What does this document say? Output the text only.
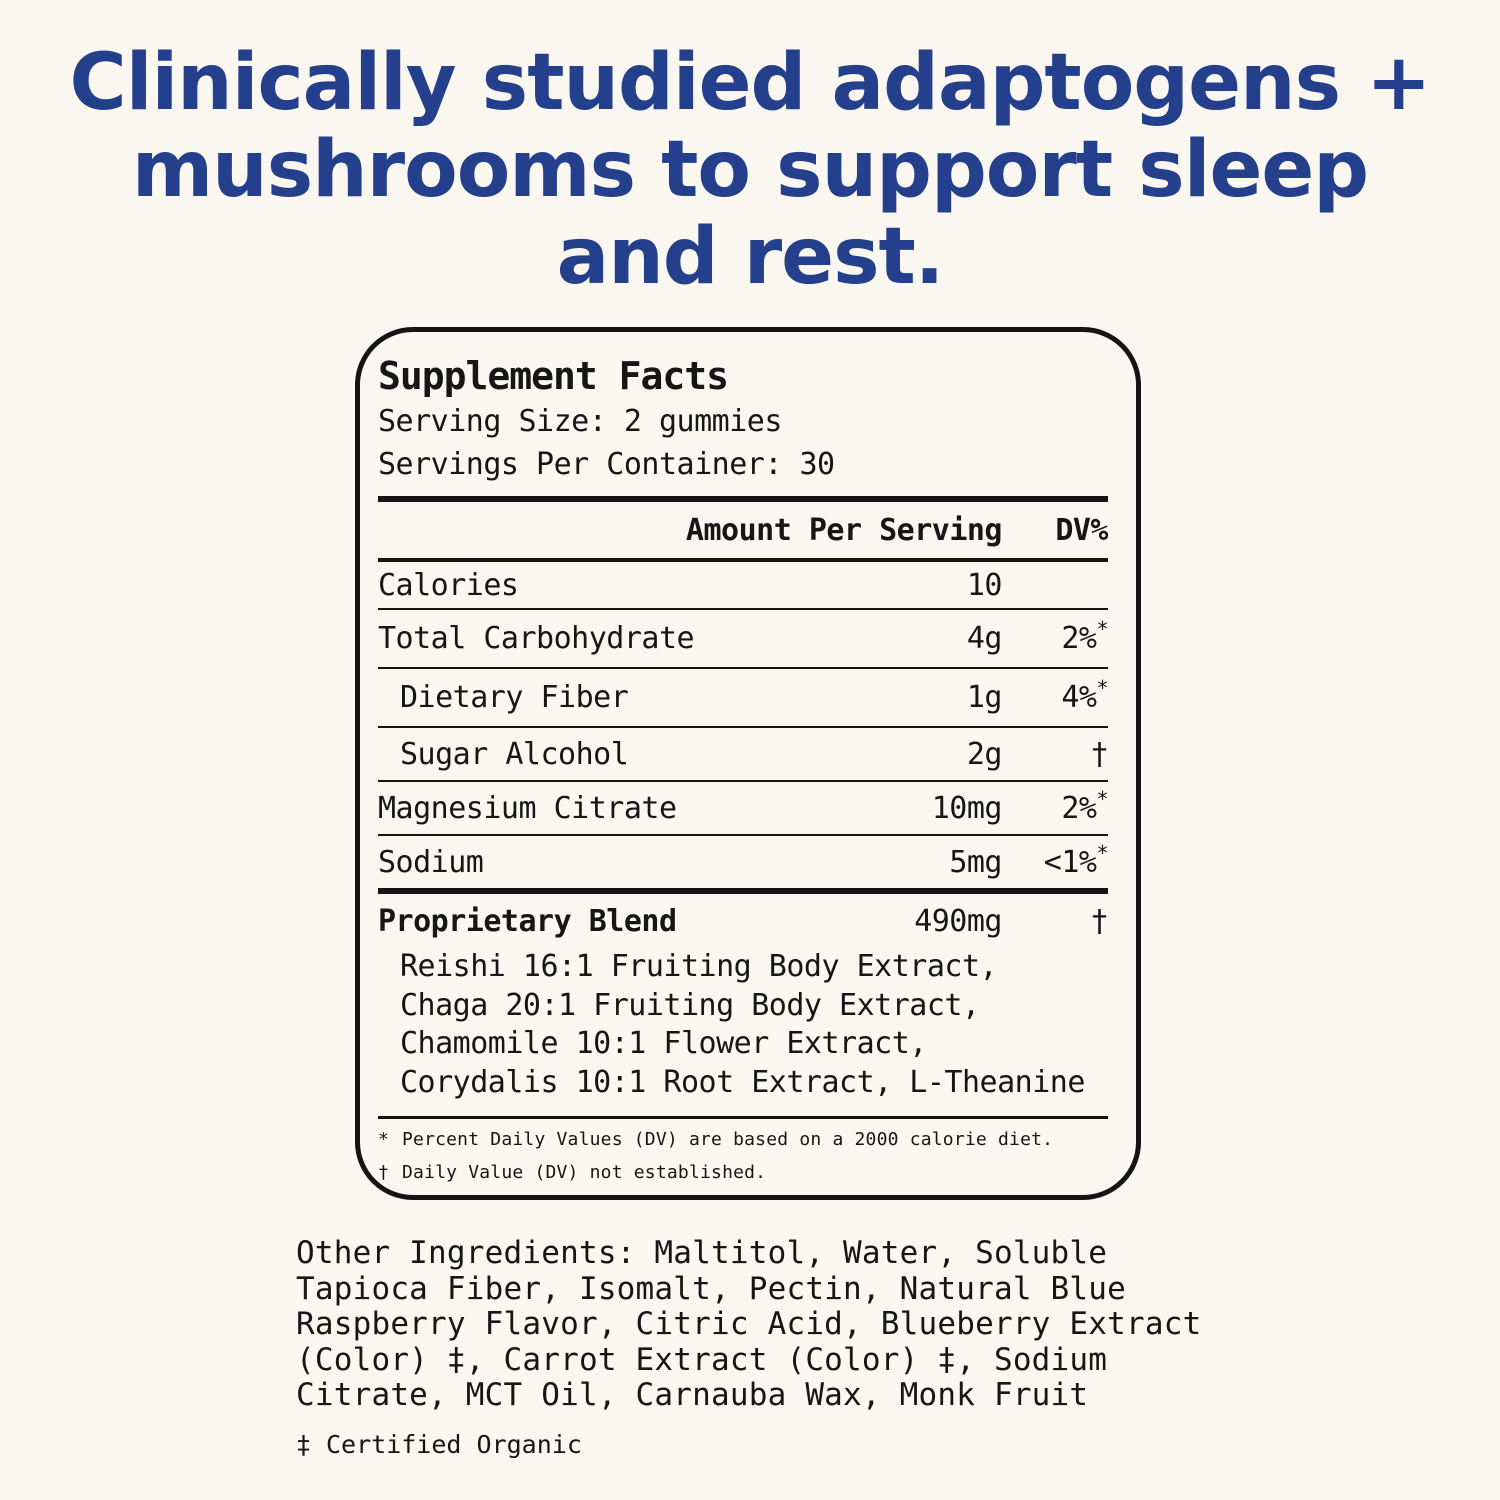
Clinically studied adaptogens +
mushrooms to support sleep
and rest.
Supplement Facts
Serving Size: 2 gummies
Servings Per Container: 30
Amount Per Serving	DV%
Calories	10
Total Carbohydrate	4g	2%*
Dietary Fiber	1g	4%*
Sugar Alcohol	2g	†
Magnesium Citrate	10mg	2%*
Sodium	5mg	<1%*
Proprietary Blend	490mg	†
Reishi 16:1 Fruiting Body Extract,
Chaga 20:1 Fruiting Body Extract,
Chamomile 10:1 Flower Extract,
Corydalis 10:1 Root Extract, L-Theanine
* Percent Daily Values (DV) are based on a 2000 calorie diet.
† Daily Value (DV) not established.
Other Ingredients: Maltitol, Water, Soluble
Tapioca Fiber, Isomalt, Pectin, Natural Blue
Raspberry Flavor, Citric Acid, Blueberry Extract
(Color) ‡, Carrot Extract (Color) ‡, Sodium
Citrate, MCT Oil, Carnauba Wax, Monk Fruit
‡ Certified Organic
